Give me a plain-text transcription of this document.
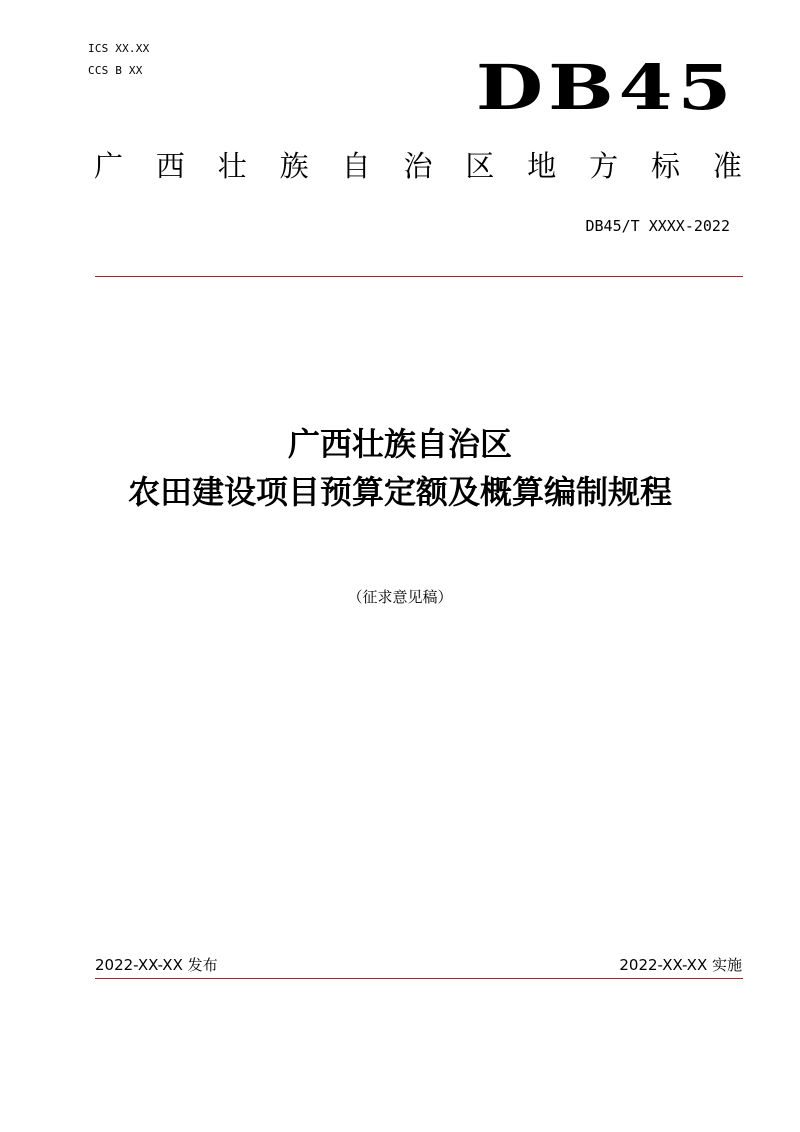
ICS XX.XX
CCS B XX	DB45
广 西 壮 族 自 治 区 地 方 标 准
DB45/T XXXX-2022
广西壮族自治区
农田建设项目预算定额及概算编制规程
（征求意见稿）
2022-XX-XX 发布	2022-XX-XX 实施
